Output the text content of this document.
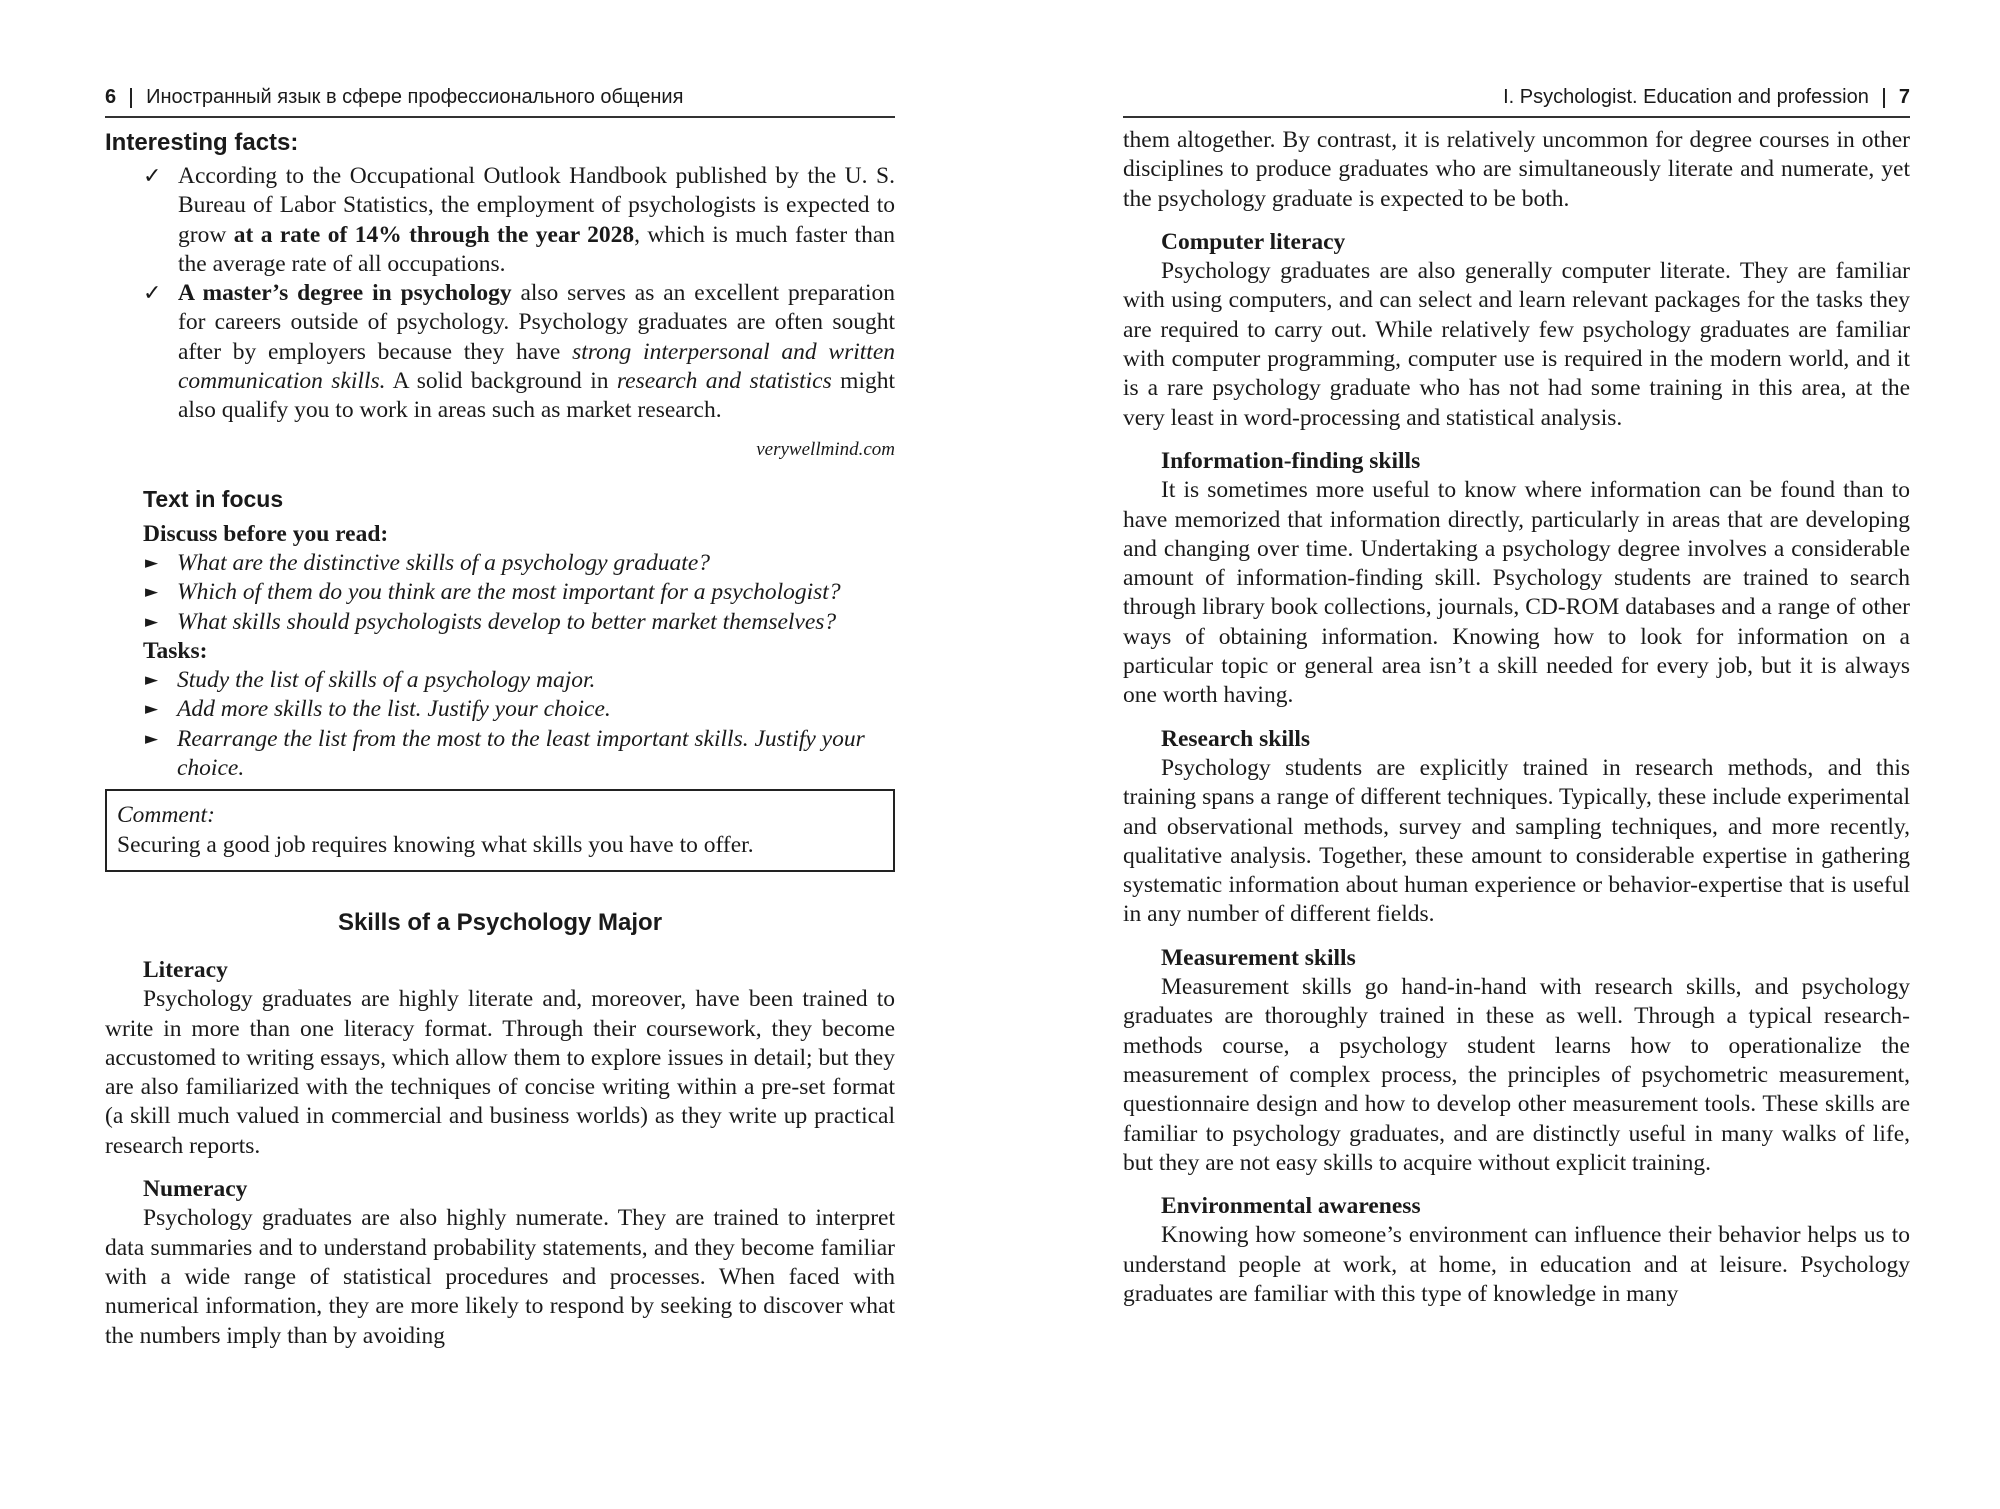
6 Иностранный язык в сфере профессионального общения
Interesting facts:
✓ According to the Occupational Outlook Handbook published by the U. S. Bureau of Labor Statistics, the employment of psychologists is expected to grow at a rate of 14% through the year 2028, which is much faster than the average rate of all occupations.
✓ A master’s degree in psychology also serves as an excellent preparation for careers outside of psychology. Psychology graduates are often sought after by employers because they have strong interpersonal and written communication skills. A solid background in research and statistics might also qualify you to work in areas such as market research.
verywellmind.com
Text in focus
Discuss before you read:
► What are the distinctive skills of a psychology graduate?
► Which of them do you think are the most important for a psychologist?
► What skills should psychologists develop to better market themselves?
Tasks:
► Study the list of skills of a psychology major.
► Add more skills to the list. Justify your choice.
► Rearrange the list from the most to the least important skills. Justify your choice.
Comment:
Securing a good job requires knowing what skills you have to offer.
Skills of a Psychology Major
Literacy

Psychology graduates are highly literate and, moreover, have been trained to write in more than one literacy format. Through their coursework, they become accustomed to writing essays, which allow them to explore issues in detail; but they are also familiarized with the techniques of concise writing within a pre-set format (a skill much valued in commercial and business worlds) as they write up practical research reports.

Numeracy

Psychology graduates are also highly numerate. They are trained to interpret data summaries and to understand probability statements, and they become familiar with a wide range of statistical procedures and processes. When faced with numerical information, they are more likely to respond by seeking to discover what the numbers imply than by avoiding

I. Psychologist. Education and profession 7

them altogether. By contrast, it is relatively uncommon for degree courses in other disciplines to produce graduates who are simultaneously literate and numerate, yet the psychology graduate is expected to be both.

Computer literacy

Psychology graduates are also generally computer literate. They are familiar with using computers, and can select and learn relevant packages for the tasks they are required to carry out. While relatively few psychology graduates are familiar with computer programming, computer use is required in the modern world, and it is a rare psychology graduate who has not had some training in this area, at the very least in word-processing and statistical analysis.

Information-finding skills

It is sometimes more useful to know where information can be found than to have memorized that information directly, particularly in areas that are developing and changing over time. Undertaking a psychology degree involves a considerable amount of information-finding skill. Psychology students are trained to search through library book collections, journals, CD-ROM databases and a range of other ways of obtaining information. Knowing how to look for information on a particular topic or general area isn’t a skill needed for every job, but it is always one worth having.

Research skills

Psychology students are explicitly trained in research methods, and this training spans a range of different techniques. Typically, these include experimental and observational methods, survey and sampling techniques, and more recently, qualitative analysis. Together, these amount to considerable expertise in gathering systematic information about human experience or behavior-expertise that is useful in any number of different fields.

Measurement skills

Measurement skills go hand-in-hand with research skills, and psychology graduates are thoroughly trained in these as well. Through a typical research-methods course, a psychology student learns how to operationalize the measurement of complex process, the principles of psychometric measurement, questionnaire design and how to develop other measurement tools. These skills are familiar to psychology graduates, and are distinctly useful in many walks of life, but they are not easy skills to acquire without explicit training.

Environmental awareness

Knowing how someone’s environment can influence their behavior helps us to understand people at work, at home, in education and at leisure. Psychology graduates are familiar with this type of knowledge in many
